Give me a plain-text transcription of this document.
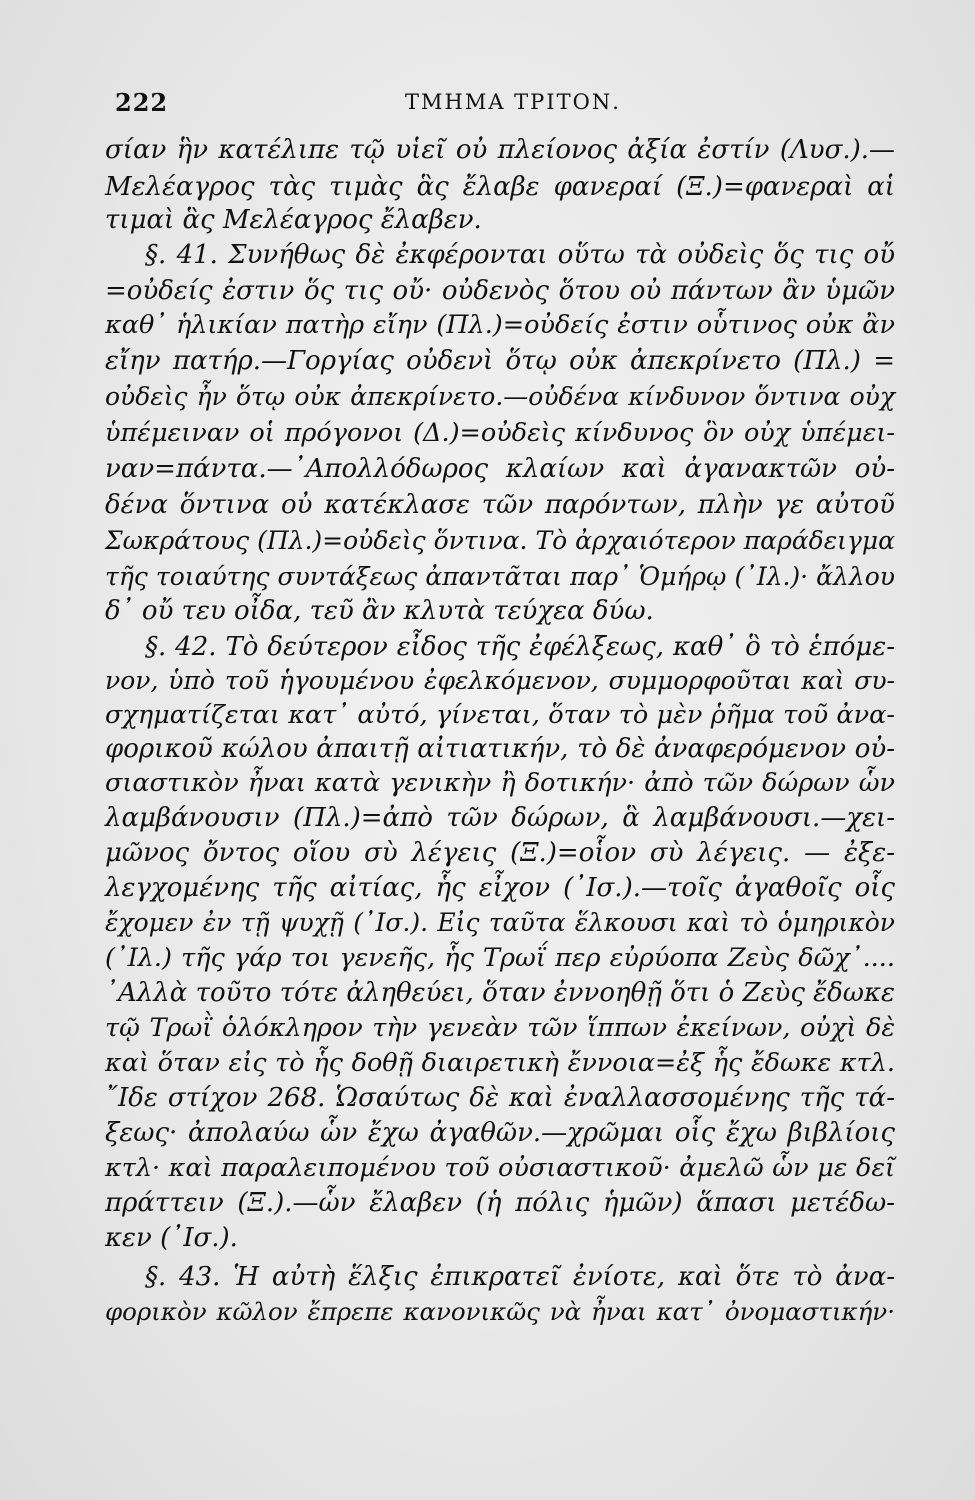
222	ΤΜΗΜΑ ΤΡΙΤΟΝ.
σίαν ἣν κατέλιπε τῷ υἱεῖ οὐ πλείονος ἀξία ἐστίν (Λυσ.).—
Μελέαγρος τὰς τιμὰς ἃς ἔλαβε φανεραί (Ξ.)=φανεραὶ αἱ
τιμαὶ ἃς Μελέαγρος ἔλαβεν.
§. 41. Συνήθως δὲ ἐκφέρονται οὕτω τὰ οὐδεὶς ὅς τις οὔ
=οὐδείς ἐστιν ὅς τις οὔ· οὐδενὸς ὅτου οὐ πάντων ἂν ὑμῶν
καθ᾽ ἡλικίαν πατὴρ εἴην (Πλ.)=οὐδείς ἐστιν οὗτινος οὐκ ἂν
εἴην πατήρ.—Γοργίας οὐδενὶ ὅτῳ οὐκ ἀπεκρίνετο (Πλ.) =
οὐδεὶς ἦν ὅτῳ οὐκ ἀπεκρίνετο.—οὐδένα κίνδυνον ὅντινα οὐχ
ὑπέμειναν οἱ πρόγονοι (Δ.)=οὐδεὶς κίνδυνος ὃν οὐχ ὑπέμει-
ναν=πάντα.—᾽Απολλόδωρος κλαίων καὶ ἀγανακτῶν οὐ-
δένα ὅντινα οὐ κατέκλασε τῶν παρόντων, πλὴν γε αὐτοῦ
Σωκράτους (Πλ.)=οὐδεὶς ὅντινα. Τὸ ἀρχαιότερον παράδειγμα
τῆς τοιαύτης συντάξεως ἀπαντᾶται παρ᾽ Ὁμήρῳ (᾽Ιλ.)· ἄλλου
δ᾽ οὔ τευ οἶδα, τεῦ ἂν κλυτὰ τεύχεα δύω.
§. 42. Τὸ δεύτερον εἶδος τῆς ἐφέλξεως, καθ᾽ ὃ τὸ ἑπόμε-
νον, ὑπὸ τοῦ ἡγουμένου ἐφελκόμενον, συμμορφοῦται καὶ συ-
σχηματίζεται κατ᾽ αὐτό, γίνεται, ὅταν τὸ μὲν ῥῆμα τοῦ ἀνα-
φορικοῦ κώλου ἀπαιτῇ αἰτιατικήν, τὸ δὲ ἀναφερόμενον οὐ-
σιαστικὸν ἦναι κατὰ γενικὴν ἢ δοτικήν· ἀπὸ τῶν δώρων ὧν
λαμβάνουσιν (Πλ.)=ἀπὸ τῶν δώρων, ἃ λαμβάνουσι.—χει-
μῶνος ὄντος οἵου σὺ λέγεις (Ξ.)=οἷον σὺ λέγεις. — ἐξε-
λεγχομένης τῆς αἰτίας, ἧς εἶχον (᾽Ισ.).—τοῖς ἀγαθοῖς οἷς
ἔχομεν ἐν τῇ ψυχῇ (᾽Ισ.). Εἰς ταῦτα ἕλκουσι καὶ τὸ ὁμηρικὸν
(᾽Ιλ.) τῆς γάρ τοι γενεῆς, ἧς Τρωΐ περ εὐρύοπα Ζεὺς δῶχ᾽....
᾽Αλλὰ τοῦτο τότε ἀληθεύει, ὅταν ἐννοηθῇ ὅτι ὁ Ζεὺς ἔδωκε
τῷ Τρωῒ ὁλόκληρον τὴν γενεὰν τῶν ἵππων ἐκείνων, οὐχὶ δὲ
καὶ ὅταν εἰς τὸ ἧς δοθῇ διαιρετικὴ ἔννοια=ἐξ ἧς ἔδωκε κτλ.
῎Ιδε στίχον 268. Ὡσαύτως δὲ καὶ ἐναλλασσομένης τῆς τά-
ξεως· ἀπολαύω ὧν ἔχω ἀγαθῶν.—χρῶμαι οἷς ἔχω βιβλίοις
κτλ· καὶ παραλειπομένου τοῦ οὐσιαστικοῦ· ἀμελῶ ὧν με δεῖ
πράττειν (Ξ.).—ὧν ἔλαβεν (ἡ πόλις ἡμῶν) ἅπασι μετέδω-
κεν (᾽Ισ.).
§. 43. Ἡ αὐτὴ ἕλξις ἐπικρατεῖ ἐνίοτε, καὶ ὅτε τὸ ἀνα-
φορικὸν κῶλον ἔπρεπε κανονικῶς νὰ ἦναι κατ᾽ ὀνομαστικήν·
